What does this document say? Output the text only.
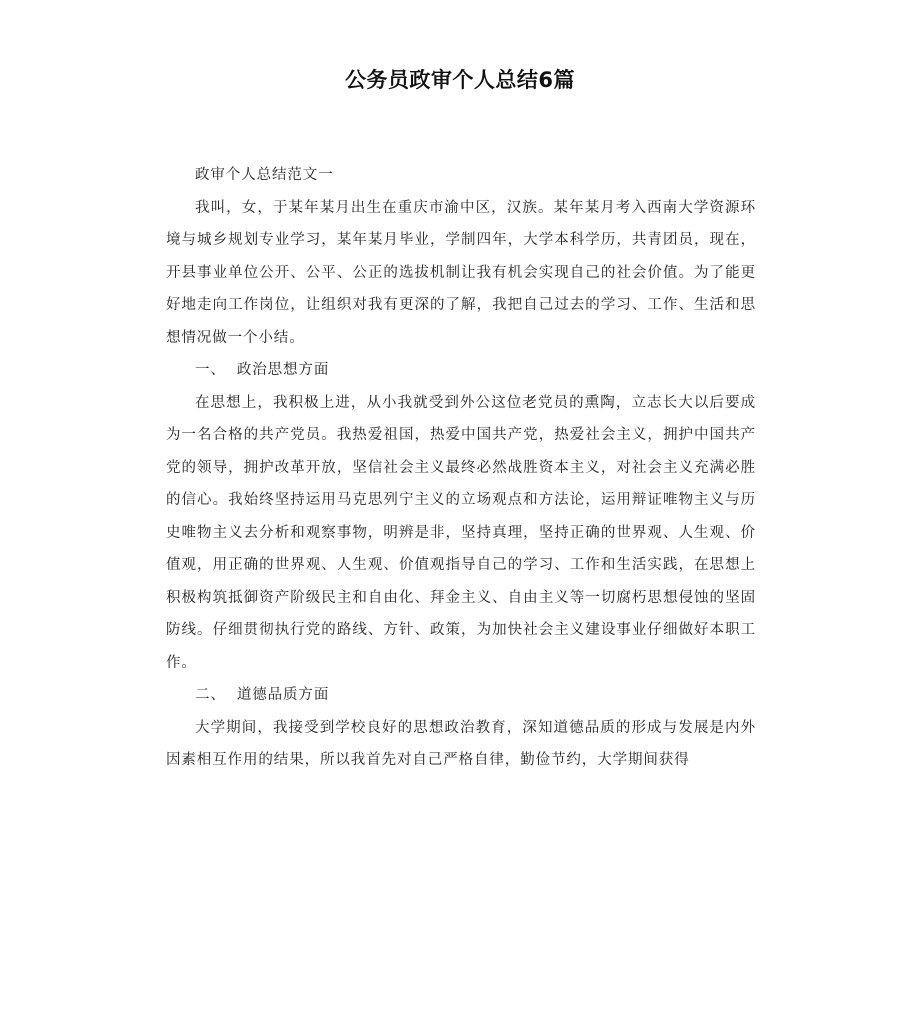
公务员政审个人总结6篇

政审个人总结范文一

我叫，女，于某年某月出生在重庆市渝中区，汉族。某年某月考入西南大学资源环境与城乡规划专业学习，某年某月毕业，学制四年，大学本科学历，共青团员，现在，开县事业单位公开、公平、公正的选拔机制让我有机会实现自己的社会价值。为了能更好地走向工作岗位，让组织对我有更深的了解，我把自己过去的学习、工作、生活和思想情况做一个小结。

一、  政治思想方面

在思想上，我积极上进，从小我就受到外公这位老党员的熏陶，立志长大以后要成为一名合格的共产党员。我热爱祖国，热爱中国共产党，热爱社会主义，拥护中国共产党的领导，拥护改革开放，坚信社会主义最终必然战胜资本主义，对社会主义充满必胜的信心。我始终坚持运用马克思列宁主义的立场观点和方法论，运用辩证唯物主义与历史唯物主义去分析和观察事物，明辨是非，坚持真理，坚持正确的世界观、人生观、价值观，用正确的世界观、人生观、价值观指导自己的学习、工作和生活实践，在思想上积极构筑抵御资产阶级民主和自由化、拜金主义、自由主义等一切腐朽思想侵蚀的坚固防线。仔细贯彻执行党的路线、方针、政策，为加快社会主义建设事业仔细做好本职工作。

二、  道德品质方面

大学期间，我接受到学校良好的思想政治教育，深知道德品质的形成与发展是内外因素相互作用的结果，所以我首先对自己严格自律，勤俭节约，大学期间获得
